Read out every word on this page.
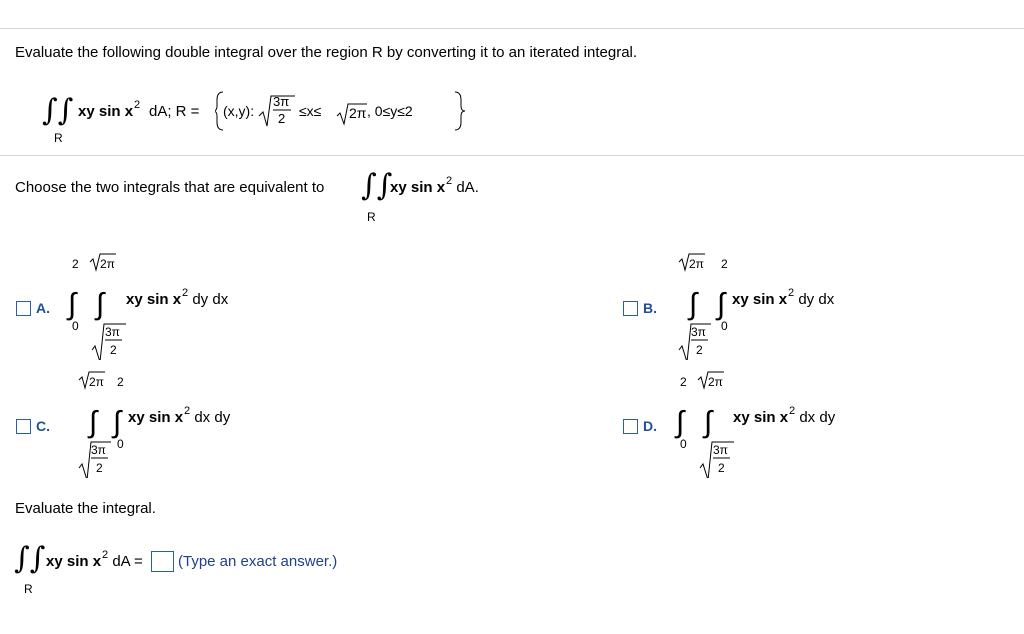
Evaluate the following double integral over the region R by converting it to an iterated integral.
∫∫
R
xy $\sin x^2$ dA; R = (x,y):
3π
2 ≤x≤ 2π , 0≤y≤2
Choose the two integrals that are equivalent to ∫∫
R
xy $\sin x^2$ dA.
A.
2
∫
0
2π
∫
3π
2
xy $\sin x^2$ dy dx	B.
2π
∫
3π
2
2
∫
0
xy $\sin x^2$ dy dx
C.
2π
∫
3π
2
2
∫
0
xy $\sin x^2$ dx dy	D.
2
∫
0
2π
∫
3π
2
xy $\sin x^2$ dx dy
Evaluate the integral.
∫∫
R
xy $\sin x^2$ dA = (Type an exact answer.)
